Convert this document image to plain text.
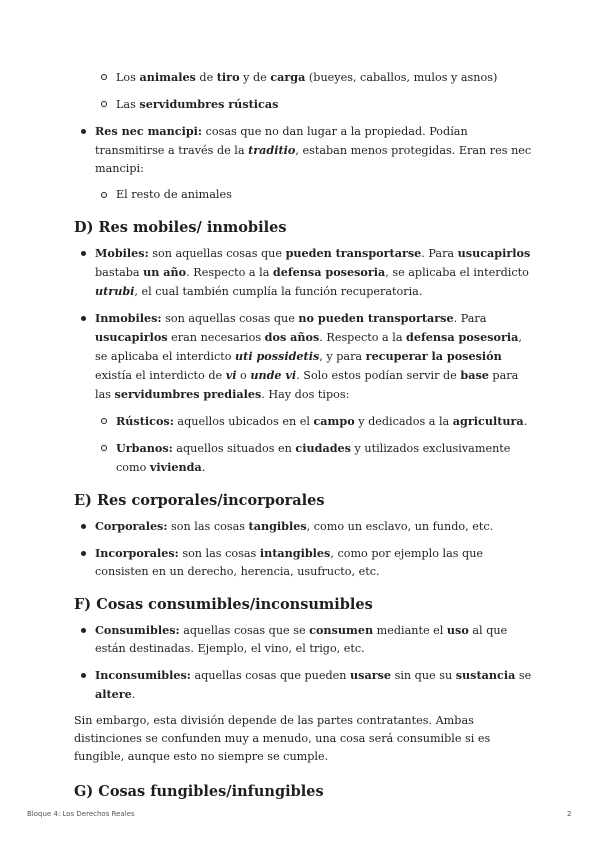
Los animales de tiro y de carga (bueyes, caballos, mulos y asnos)
Las servidumbres rústicas
Res nec mancipi: cosas que no dan lugar a la propiedad. Podían transmitirse a través de la traditio, estaban menos protegidas. Eran res nec mancipi:
El resto de animales
D) Res mobiles/ inmobiles
Mobiles: son aquellas cosas que pueden transportarse. Para usucapirlos bastaba un año. Respecto a la defensa posesoria, se aplicaba el interdicto utrubi, el cual también cumplía la función recuperatoria.
Inmobiles: son aquellas cosas que no pueden transportarse. Para usucapirlos eran necesarios dos años. Respecto a la defensa posesoria, se aplicaba el interdicto uti possidetis, y para recuperar la posesión existía el interdicto de vi o unde vi. Solo estos podían servir de base para las servidumbres prediales. Hay dos tipos:
Rústicos: aquellos ubicados en el campo y dedicados a la agricultura.
Urbanos: aquellos situados en ciudades y utilizados exclusivamente como vivienda.
E) Res corporales/incorporales
Corporales: son las cosas tangibles, como un esclavo, un fundo, etc.
Incorporales: son las cosas intangibles, como por ejemplo las que consisten en un derecho, herencia, usufructo, etc.
F) Cosas consumibles/inconsumibles
Consumibles: aquellas cosas que se consumen mediante el uso al que están destinadas. Ejemplo, el vino, el trigo, etc.
Inconsumibles: aquellas cosas que pueden usarse sin que su sustancia se altere.

Sin embargo, esta división depende de las partes contratantes. Ambas distinciones se confunden muy a menudo, una cosa será consumible si es fungible, aunque esto no siempre se cumple.

G) Cosas fungibles/infungibles
Bloque 4: Los Derechos Reales	2
